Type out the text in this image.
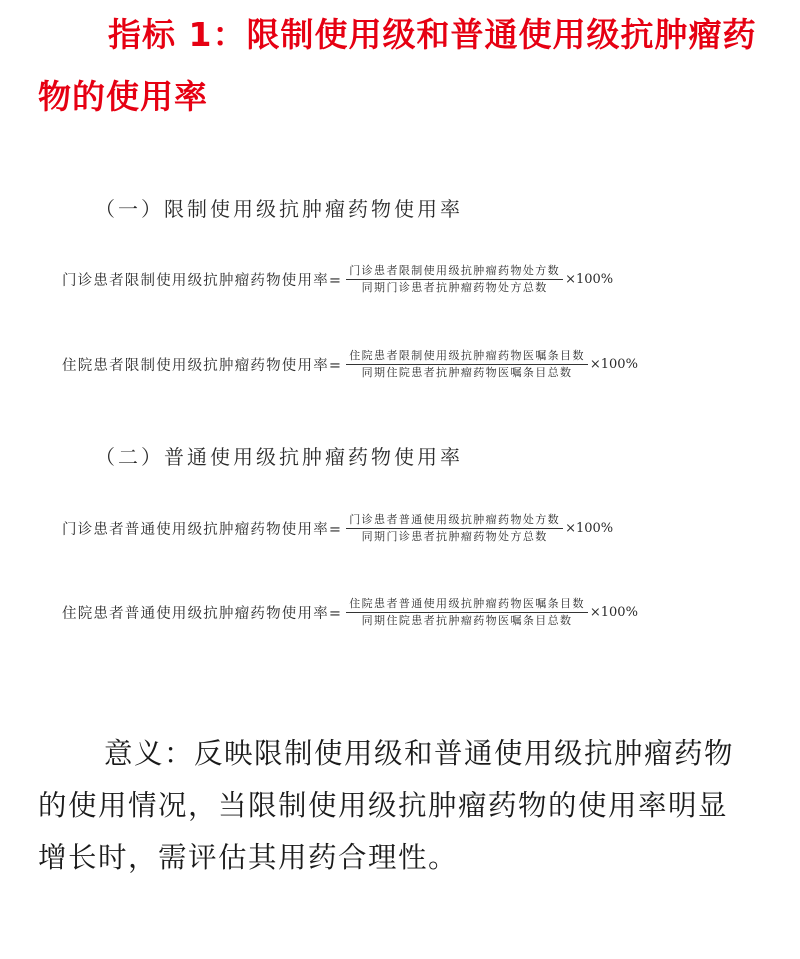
指标 1：限制使用级和普通使用级抗肿瘤药物的使用率
（一）限制使用级抗肿瘤药物使用率
门诊患者限制使用级抗肿瘤药物使用率= $\frac{\text{门诊患者限制使用级抗肿瘤药物处方数}}{\text{同期门诊患者抗肿瘤药物处方总数}} \times 100\%$
住院患者限制使用级抗肿瘤药物使用率= $\frac{\text{住院患者限制使用级抗肿瘤药物医嘱条目数}}{\text{同期住院患者抗肿瘤药物医嘱条目总数}} \times 100\%$
（二）普通使用级抗肿瘤药物使用率
门诊患者普通使用级抗肿瘤药物使用率= $\frac{\text{门诊患者普通使用级抗肿瘤药物处方数}}{\text{同期门诊患者抗肿瘤药物处方总数}} \times 100\%$
住院患者普通使用级抗肿瘤药物使用率= $\frac{\text{住院患者普通使用级抗肿瘤药物医嘱条目数}}{\text{同期住院患者抗肿瘤药物医嘱条目总数}} \times 100\%$
意义：反映限制使用级和普通使用级抗肿瘤药物的使用情况，当限制使用级抗肿瘤药物的使用率明显增长时，需评估其用药合理性。
